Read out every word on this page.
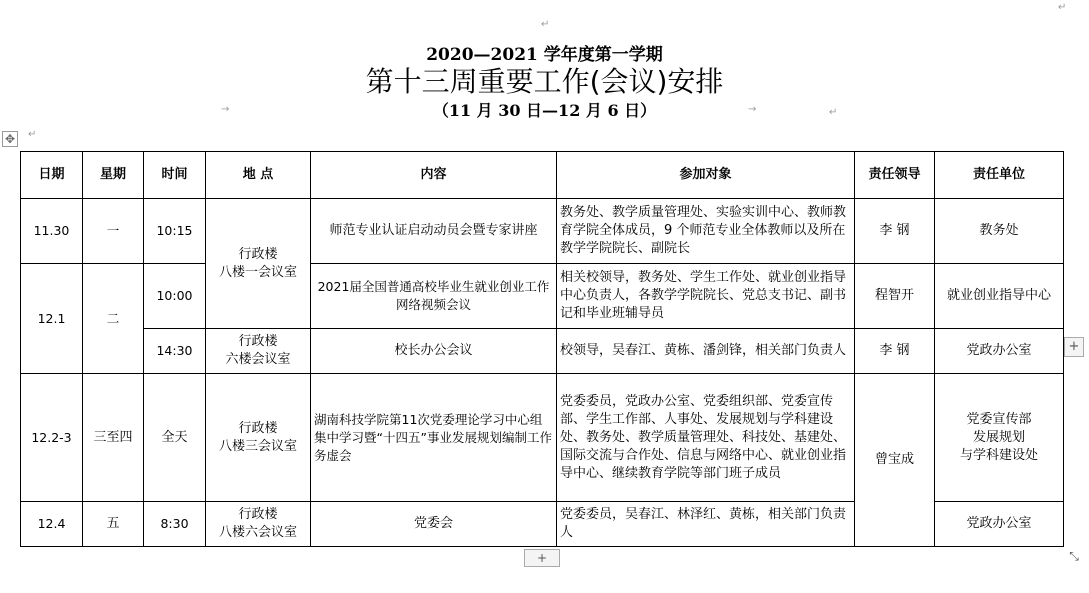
↵
↵
→	→	↵
↵
2020—2021 学年度第一学期
第十三周重要工作(会议)安排
（11 月 30 日—12 月 6 日）
✥
日期	星期	时间	地 点	内容	参加对象	责任领导	责任单位
11.30	一	10:15	行政楼
八楼一会议室	师范专业认证启动动员会暨专家讲座	教务处、教学质量管理处、实验实训中心、教师教育学院全体成员，9 个师范专业全体教师以及所在教学学院院长、副院长	李 钢	教务处
12.1	二	10:00		2021届全国普通高校毕业生就业创业工作网络视频会议	相关校领导，教务处、学生工作处、就业创业指导中心负责人，各教学学院院长、党总支书记、副书记和毕业班辅导员	程智开	就业创业指导中心
		14:30	行政楼
六楼会议室	校长办公会议	校领导，吴春江、黄栋、潘剑锋，相关部门负责人	李 钢	党政办公室
12.2-3	三至四	全天	行政楼
八楼三会议室	湖南科技学院第11次党委理论学习中心组集中学习暨“十四五”事业发展规划编制工作务虚会	党委委员，党政办公室、党委组织部、党委宣传部、学生工作部、人事处、发展规划与学科建设处、教务处、教学质量管理处、科技处、基建处、国际交流与合作处、信息与网络中心、就业创业指导中心、继续教育学院等部门班子成员	曾宝成	党委宣传部
发展规划
与学科建设处
12.4	五	8:30	行政楼
八楼六会议室	党委会	党委委员，吴春江、林泽红、黄栋，相关部门负责人		党政办公室
+
+	⤡
